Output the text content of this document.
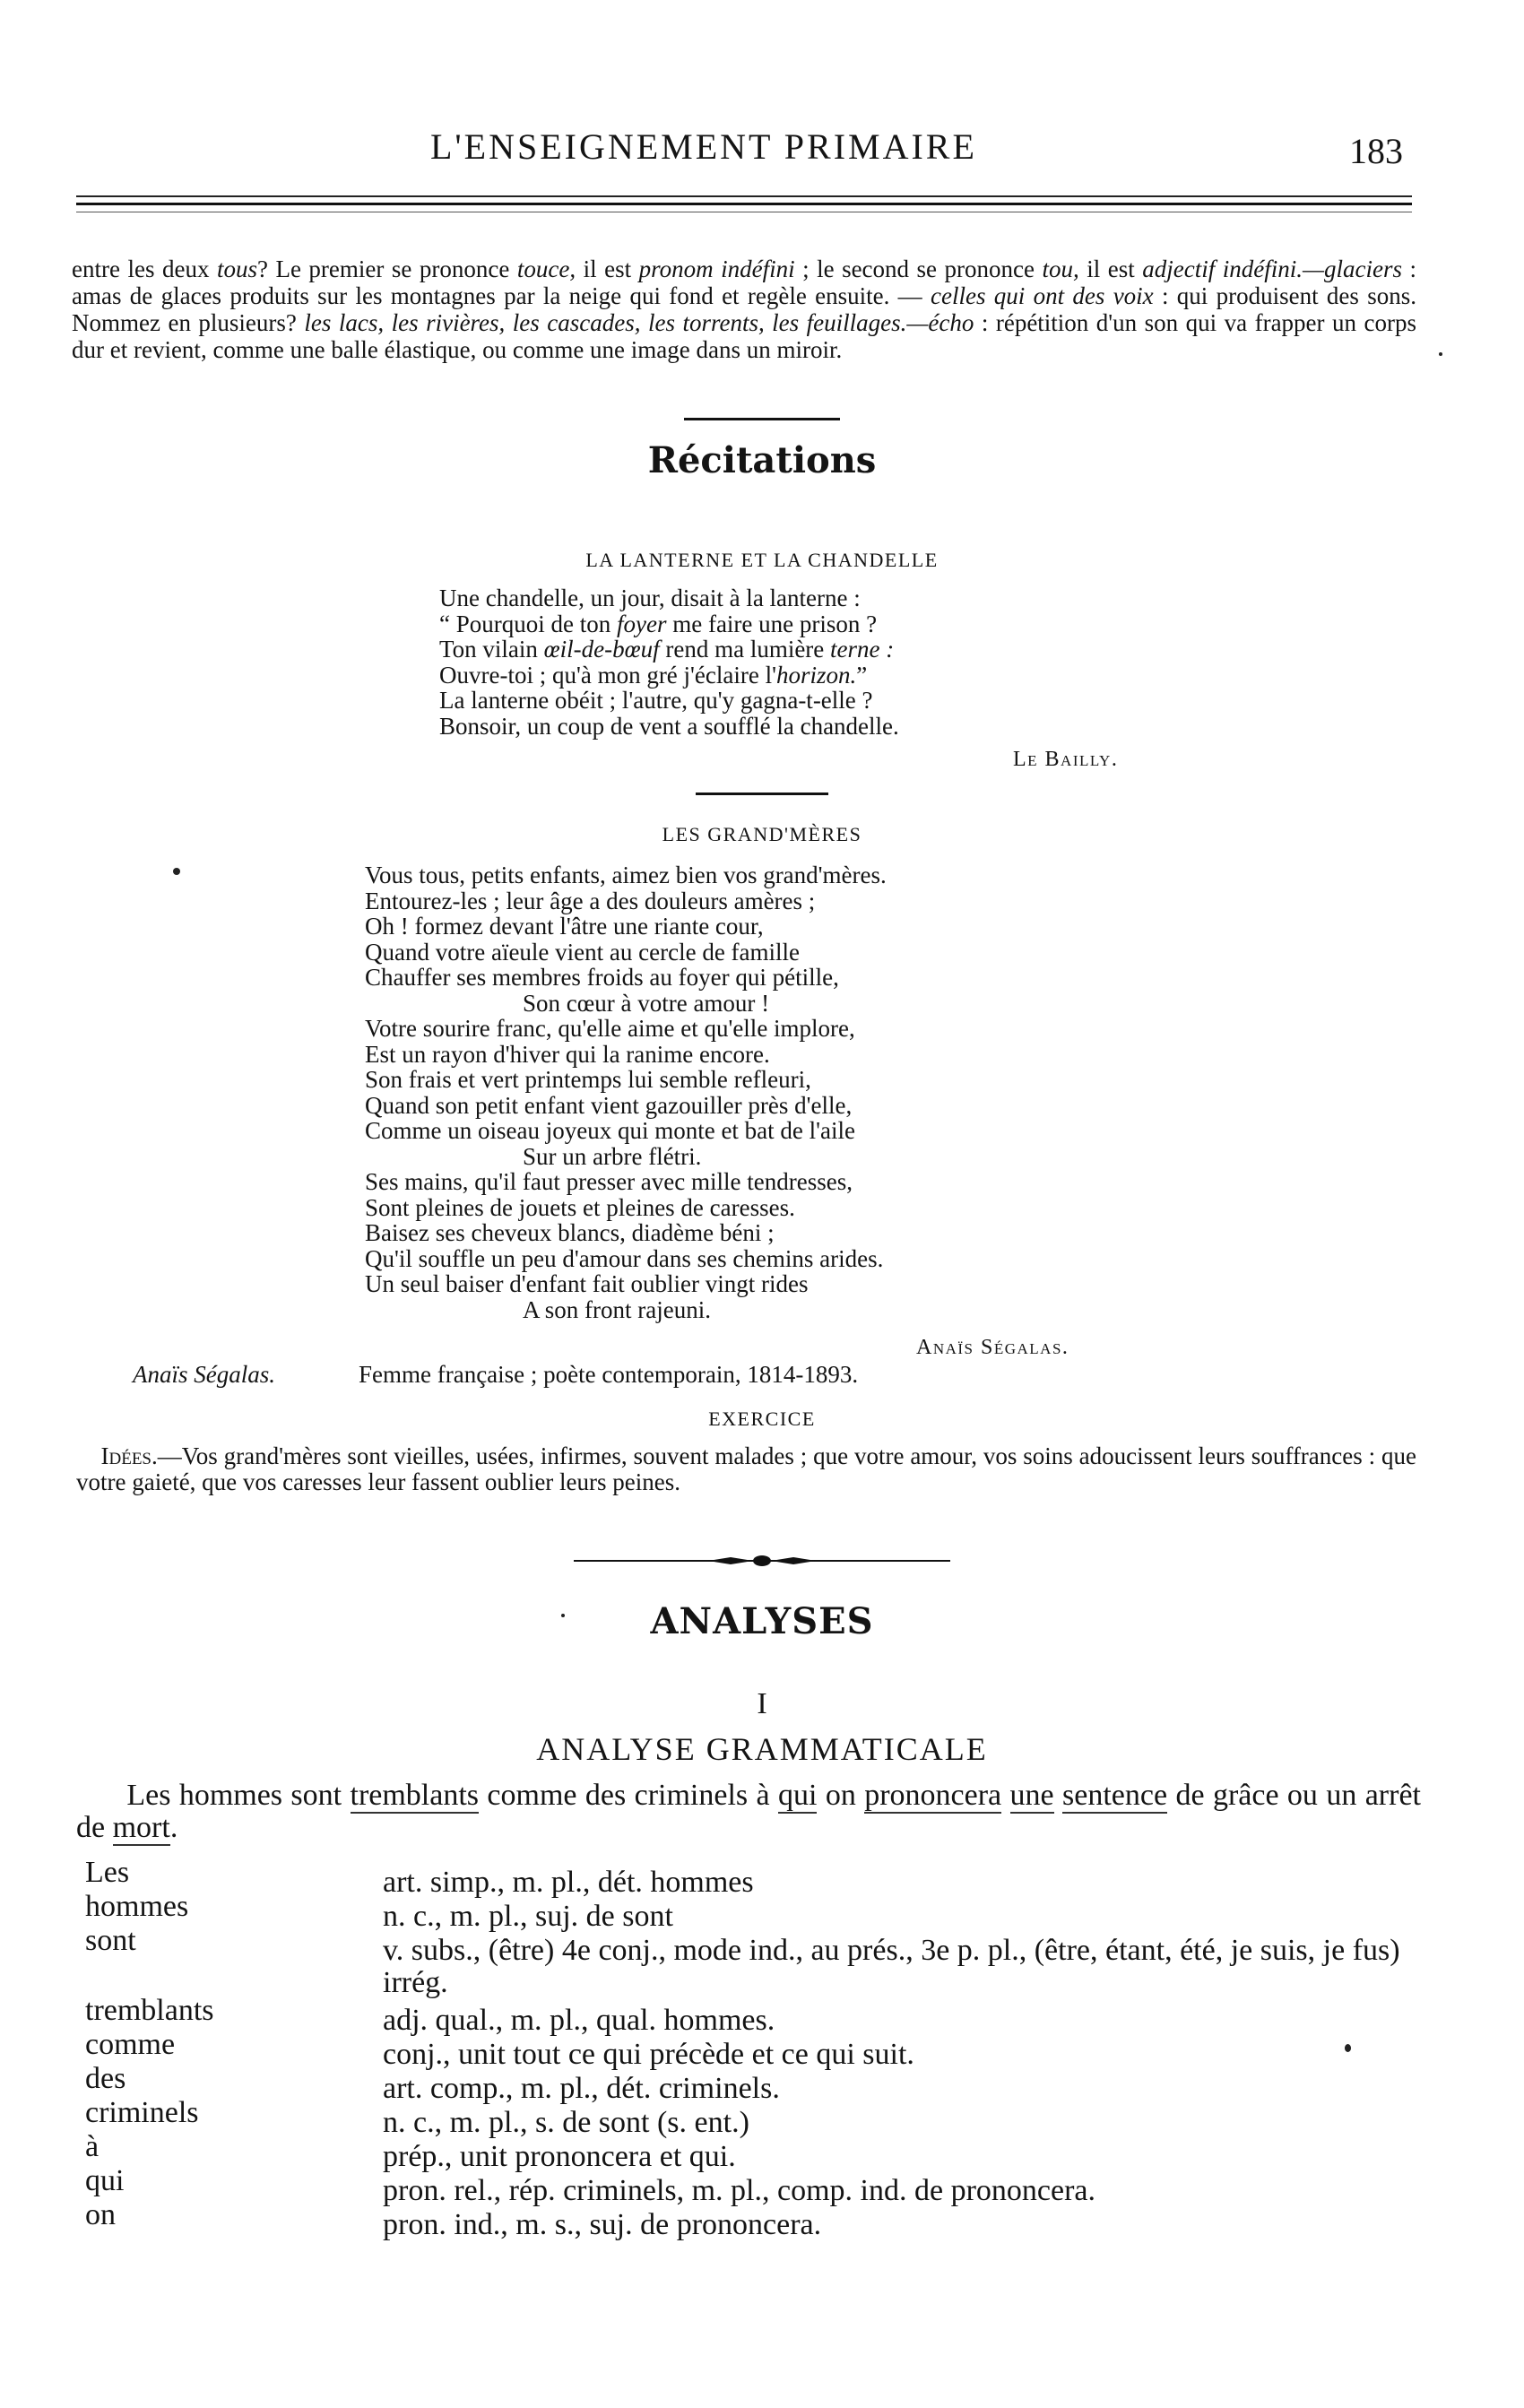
L'ENSEIGNEMENT PRIMAIRE	183
entre les deux tous? Le premier se prononce touce, il est pronom indéfini ; le second se prononce tou, il est adjectif indéfini.—glaciers : amas de glaces produits sur les montagnes par la neige qui fond et regèle ensuite. — celles qui ont des voix : qui produisent des sons. Nommez en plusieurs? les lacs, les rivières, les cascades, les torrents, les feuillages.—écho : répétition d'un son qui va frapper un corps dur et revient, comme une balle élastique, ou comme une image dans un miroir.
Récitations
LA LANTERNE ET LA CHANDELLE
Une chandelle, un jour, disait à la lanterne :
“ Pourquoi de ton foyer me faire une prison ?
Ton vilain œil-de-bœuf rend ma lumière terne :
Ouvre-toi ; qu'à mon gré j'éclaire l'horizon.”
La lanterne obéit ; l'autre, qu'y gagna-t-elle ?
Bonsoir, un coup de vent a soufflé la chandelle.
Le Bailly.
LES GRAND'MÈRES
Vous tous, petits enfants, aimez bien vos grand'mères.
Entourez-les ; leur âge a des douleurs amères ;
Oh ! formez devant l'âtre une riante cour,
Quand votre aïeule vient au cercle de famille
Chauffer ses membres froids au foyer qui pétille,
Son cœur à votre amour !
Votre sourire franc, qu'elle aime et qu'elle implore,
Est un rayon d'hiver qui la ranime encore.
Son frais et vert printemps lui semble refleuri,
Quand son petit enfant vient gazouiller près d'elle,
Comme un oiseau joyeux qui monte et bat de l'aile
Sur un arbre flétri.
Ses mains, qu'il faut presser avec mille tendresses,
Sont pleines de jouets et pleines de caresses.
Baisez ses cheveux blancs, diadème béni ;
Qu'il souffle un peu d'amour dans ses chemins arides.
Un seul baiser d'enfant fait oublier vingt rides
A son front rajeuni.
Anaïs Ségalas.
Anaïs Ségalas.	Femme française ; poète contemporain, 1814-1893.
EXERCICE
Idées.—Vos grand'mères sont vieilles, usées, infirmes, souvent malades ; que votre amour, vos soins adoucissent leurs souffrances : que votre gaieté, que vos caresses leur fassent oublier leurs peines.
ANALYSES
I
ANALYSE GRAMMATICALE
Les hommes sont tremblants comme des criminels à qui on prononcera une sentence de grâce ou un arrêt de mort.
Les	art. simp., m. pl., dét. hommes
hommes	n. c., m. pl., suj. de sont
sont	v. subs., (être) 4e conj., mode ind., au prés., 3e p. pl., (être, étant, été, je suis, je fus) irrég.
tremblants	adj. qual., m. pl., qual. hommes.
comme	conj., unit tout ce qui précède et ce qui suit.
des	art. comp., m. pl., dét. criminels.
criminels	n. c., m. pl., s. de sont (s. ent.)
à	prép., unit prononcera et qui.
qui	pron. rel., rép. criminels, m. pl., comp. ind. de prononcera.
on	pron. ind., m. s., suj. de prononcera.
